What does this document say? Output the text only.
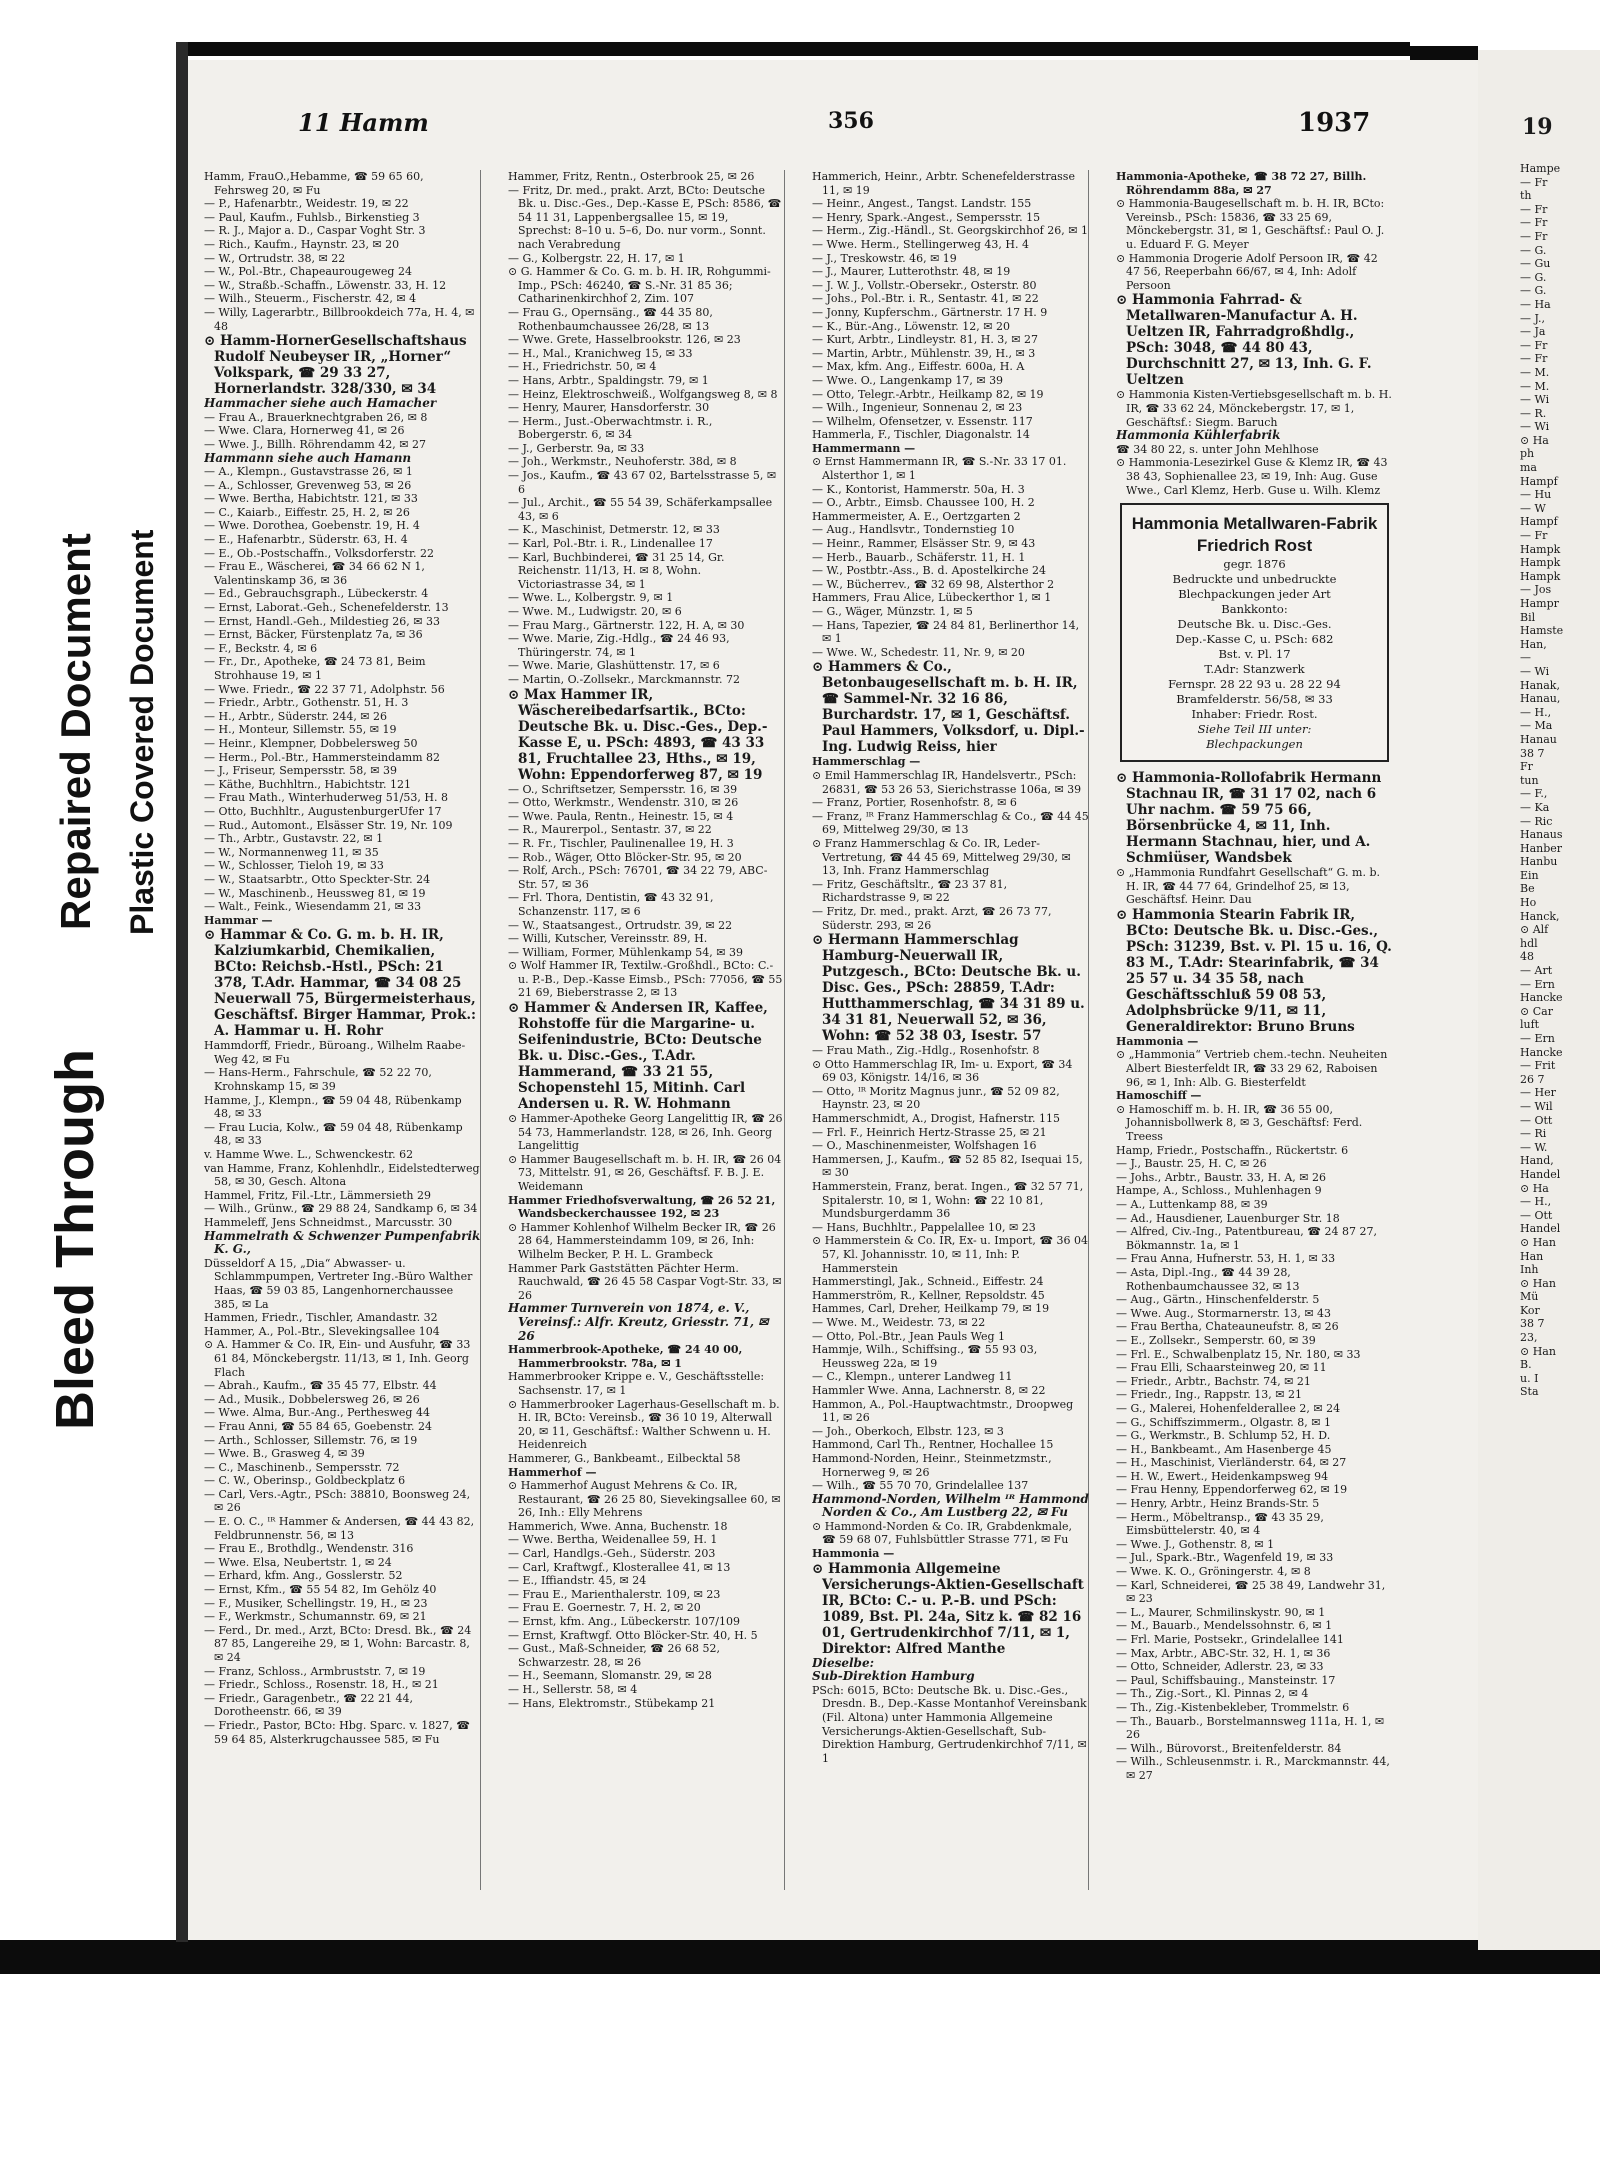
Bleed Through
Repaired Document Plastic Covered Document
11 Hamm	356	1937

Hamm, FrauO.,Hebamme, ☎ 59 65 60, Fehrsweg 20, ✉ Fu

— P., Hafenarbtr., Weidestr. 19, ✉ 22

— Paul, Kaufm., Fuhlsb., Birkenstieg 3

— R. J., Major a. D., Caspar Voght Str. 3

— Rich., Kaufm., Haynstr. 23, ✉ 20

— W., Ortrudstr. 38, ✉ 22

— W., Pol.-Btr., Chapeaurougeweg 24

— W., Straßb.-Schaffn., Löwenstr. 33, H. 12

— Wilh., Steuerm., Fischerstr. 42, ✉ 4

— Willy, Lagerarbtr., Billbrookdeich 77a, H. 4, ✉ 48

⊙ Hamm-HornerGesellschaftshaus Rudolf Neubeyser IR, „Horner“ Volkspark, ☎ 29 33 27, Hornerlandstr. 328/330, ✉ 34

Hammacher siehe auch Hamacher

— Frau A., Brauerknechtgraben 26, ✉ 8

— Wwe. Clara, Hornerweg 41, ✉ 26

— Wwe. J., Billh. Röhrendamm 42, ✉ 27

Hammann siehe auch Hamann

— A., Klempn., Gustavstrasse 26, ✉ 1

— A., Schlosser, Grevenweg 53, ✉ 26

— Wwe. Bertha, Habichtstr. 121, ✉ 33

— C., Kaiarb., Eiffestr. 25, H. 2, ✉ 26

— Wwe. Dorothea, Goebenstr. 19, H. 4

— E., Hafenarbtr., Süderstr. 63, H. 4

— E., Ob.-Postschaffn., Volksdorferstr. 22

— Frau E., Wäscherei, ☎ 34 66 62 N 1, Valentinskamp 36, ✉ 36

— Ed., Gebrauchsgraph., Lübeckerstr. 4

— Ernst, Laborat.-Geh., Schenefelderstr. 13

— Ernst, Handl.-Geh., Mildestieg 26, ✉ 33

— Ernst, Bäcker, Fürstenplatz 7a, ✉ 36

— F., Beckstr. 4, ✉ 6

— Fr., Dr., Apotheke, ☎ 24 73 81, Beim Strohhause 19, ✉ 1

— Wwe. Friedr., ☎ 22 37 71, Adolphstr. 56

— Friedr., Arbtr., Gothenstr. 51, H. 3

— H., Arbtr., Süderstr. 244, ✉ 26

— H., Monteur, Sillemstr. 55, ✉ 19

— Heinr., Klempner, Dobbelersweg 50

— Herm., Pol.-Btr., Hammersteindamm 82

— J., Friseur, Sempersstr. 58, ✉ 39

— Käthe, Buchhltrn., Habichtstr. 121

— Frau Math., Winterhuderweg 51/53, H. 8

— Otto, Buchhltr., AugustenburgerUfer 17

— Rud., Automont., Elsässer Str. 19, Nr. 109

— Th., Arbtr., Gustavstr. 22, ✉ 1

— W., Normannenweg 11, ✉ 35

— W., Schlosser, Tieloh 19, ✉ 33

— W., Staatsarbtr., Otto Speckter-Str. 24

— W., Maschinenb., Heussweg 81, ✉ 19

— Walt., Feink., Wiesendamm 21, ✉ 33

Hammar —

⊙ Hammar & Co. G. m. b. H. IR, Kalziumkarbid, Chemikalien, BCto: Reichsb.-Hstl., PSch: 21 378, T.Adr. Hammar, ☎ 34 08 25 Neuerwall 75, Bürgermeisterhaus, Geschäftsf. Birger Hammar, Prok.: A. Hammar u. H. Rohr

Hammdorff, Friedr., Büroang., Wilhelm Raabe-Weg 42, ✉ Fu

— Hans-Herm., Fahrschule, ☎ 52 22 70, Krohnskamp 15, ✉ 39

Hamme, J., Klempn., ☎ 59 04 48, Rübenkamp 48, ✉ 33

— Frau Lucia, Kolw., ☎ 59 04 48, Rübenkamp 48, ✉ 33

v. Hamme Wwe. L., Schwenckestr. 62

van Hamme, Franz, Kohlenhdlr., Eidelstedterweg 58, ✉ 30, Gesch. Altona

Hammel, Fritz, Fil.-Ltr., Lämmersieth 29

— Wilh., Grünw., ☎ 29 88 24, Sandkamp 6, ✉ 34

Hammeleff, Jens Schneidmst., Marcusstr. 30

Hammelrath & Schwenzer Pumpenfabrik K. G.,

Düsseldorf A 15, „Dia“ Abwasser- u. Schlammpumpen, Vertreter Ing.-Büro Walther Haas, ☎ 59 03 85, Langenhornerchaussee 385, ✉ La

Hammen, Friedr., Tischler, Amandastr. 32

Hammer, A., Pol.-Btr., Slevekingsallee 104

⊙ A. Hammer & Co. IR, Ein- und Ausfuhr, ☎ 33 61 84, Mönckebergstr. 11/13, ✉ 1, Inh. Georg Flach

— Abrah., Kaufm., ☎ 35 45 77, Elbstr. 44

— Ad., Musik., Dobbelersweg 26, ✉ 26

— Wwe. Alma, Bur.-Ang., Perthesweg 44

— Frau Anni, ☎ 55 84 65, Goebenstr. 24

— Arth., Schlosser, Sillemstr. 76, ✉ 19

— Wwe. B., Grasweg 4, ✉ 39

— C., Maschinenb., Sempersstr. 72

— C. W., Oberinsp., Goldbeckplatz 6

— Carl, Vers.-Agtr., PSch: 38810, Boonsweg 24, ✉ 26

— E. O. C., ᴵᴿ Hammer & Andersen, ☎ 44 43 82, Feldbrunnenstr. 56, ✉ 13

— Frau E., Brothdlg., Wendenstr. 316

— Wwe. Elsa, Neubertstr. 1, ✉ 24

— Erhard, kfm. Ang., Gosslerstr. 52

— Ernst, Kfm., ☎ 55 54 82, Im Gehölz 40

— F., Musiker, Schellingstr. 19, H., ✉ 23

— F., Werkmstr., Schumannstr. 69, ✉ 21

— Ferd., Dr. med., Arzt, BCto: Dresd. Bk., ☎ 24 87 85, Langereihe 29, ✉ 1, Wohn: Barcastr. 8, ✉ 24

— Franz, Schloss., Armbruststr. 7, ✉ 19

— Friedr., Schloss., Rosenstr. 18, H., ✉ 21

— Friedr., Garagenbetr., ☎ 22 21 44, Dorotheenstr. 66, ✉ 39

— Friedr., Pastor, BCto: Hbg. Sparc. v. 1827, ☎ 59 64 85, Alsterkrugchaussee 585, ✉ Fu

Hammer, Fritz, Rentn., Osterbrook 25, ✉ 26

— Fritz, Dr. med., prakt. Arzt, BCto: Deutsche Bk. u. Disc.-Ges., Dep.-Kasse E, PSch: 8586, ☎ 54 11 31, Lappenbergsallee 15, ✉ 19, Sprechst: 8–10 u. 5–6, Do. nur vorm., Sonnt. nach Verabredung

— G., Kolbergstr. 22, H. 17, ✉ 1

⊙ G. Hammer & Co. G. m. b. H. IR, Rohgummi-Imp., PSch: 46240, ☎ S.-Nr. 31 85 36; Catharinenkirchhof 2, Zim. 107

— Frau G., Opernsäng., ☎ 44 35 80, Rothenbaumchaussee 26/28, ✉ 13

— Wwe. Grete, Hasselbrookstr. 126, ✉ 23

— H., Mal., Kranichweg 15, ✉ 33

— H., Friedrichstr. 50, ✉ 4

— Hans, Arbtr., Spaldingstr. 79, ✉ 1

— Heinz, Elektroschweiß., Wolfgangsweg 8, ✉ 8

— Henry, Maurer, Hansdorferstr. 30

— Herm., Just.-Oberwachtmstr. i. R., Bobergerstr. 6, ✉ 34

— J., Gerberstr. 9a, ✉ 33

— Joh., Werkmstr., Neuhoferstr. 38d, ✉ 8

— Jos., Kaufm., ☎ 43 67 02, Bartelsstrasse 5, ✉ 6

— Jul., Archit., ☎ 55 54 39, Schäferkampsallee 43, ✉ 6

— K., Maschinist, Detmerstr. 12, ✉ 33

— Karl, Pol.-Btr. i. R., Lindenallee 17

— Karl, Buchbinderei, ☎ 31 25 14, Gr. Reichenstr. 11/13, H. ✉ 8, Wohn. Victoriastrasse 34, ✉ 1

— Wwe. L., Kolbergstr. 9, ✉ 1

— Wwe. M., Ludwigstr. 20, ✉ 6

— Frau Marg., Gärtnerstr. 122, H. A, ✉ 30

— Wwe. Marie, Zig.-Hdlg., ☎ 24 46 93, Thüringerstr. 74, ✉ 1

— Wwe. Marie, Glashüttenstr. 17, ✉ 6

— Martin, O.-Zollsekr., Marckmannstr. 72

⊙ Max Hammer IR, Wäschereibedarfsartik., BCto: Deutsche Bk. u. Disc.-Ges., Dep.-Kasse E, u. PSch: 4893, ☎ 43 33 81, Fruchtallee 23, Hths., ✉ 19, Wohn: Eppendorferweg 87, ✉ 19

— O., Schriftsetzer, Sempersstr. 16, ✉ 39

— Otto, Werkmstr., Wendenstr. 310, ✉ 26

— Wwe. Paula, Rentn., Heinestr. 15, ✉ 4

— R., Maurerpol., Sentastr. 37, ✉ 22

— R. Fr., Tischler, Paulinenallee 19, H. 3

— Rob., Wäger, Otto Blöcker-Str. 95, ✉ 20

— Rolf, Arch., PSch: 76701, ☎ 34 22 79, ABC-Str. 57, ✉ 36

— Frl. Thora, Dentistin, ☎ 43 32 91, Schanzenstr. 117, ✉ 6

— W., Staatsangest., Ortrudstr. 39, ✉ 22

— Willi, Kutscher, Vereinsstr. 89, H.

— William, Former, Mühlenkamp 54, ✉ 39

⊙ Wolf Hammer IR, Textilw.-Großhdl., BCto: C.- u. P.-B., Dep.-Kasse Eimsb., PSch: 77056, ☎ 55 21 69, Bieberstrasse 2, ✉ 13

⊙ Hammer & Andersen IR, Kaffee, Rohstoffe für die Margarine- u. Seifenindustrie, BCto: Deutsche Bk. u. Disc.-Ges., T.Adr. Hammerand, ☎ 33 21 55, Schopenstehl 15, Mitinh. Carl Andersen u. R. W. Hohmann

⊙ Hammer-Apotheke Georg Langelittig IR, ☎ 26 54 73, Hammerlandstr. 128, ✉ 26, Inh. Georg Langelittig

⊙ Hammer Baugesellschaft m. b. H. IR, ☎ 26 04 73, Mittelstr. 91, ✉ 26, Geschäftsf. F. B. J. E. Weidemann

Hammer Friedhofsverwaltung, ☎ 26 52 21, Wandsbeckerchaussee 192, ✉ 23

⊙ Hammer Kohlenhof Wilhelm Becker IR, ☎ 26 28 64, Hammersteindamm 109, ✉ 26, Inh: Wilhelm Becker, P. H. L. Grambeck

Hammer Park Gaststätten Pächter Herm. Rauchwald, ☎ 26 45 58 Caspar Vogt-Str. 33, ✉ 26

Hammer Turnverein von 1874, e. V., Vereinsf.: Alfr. Kreutz, Griesstr. 71, ✉ 26

Hammerbrook-Apotheke, ☎ 24 40 00, Hammerbrookstr. 78a, ✉ 1

Hammerbrooker Krippe e. V., Geschäftsstelle: Sachsenstr. 17, ✉ 1

⊙ Hammerbrooker Lagerhaus-Gesellschaft m. b. H. IR, BCto: Vereinsb., ☎ 36 10 19, Alterwall 20, ✉ 11, Geschäftsf.: Walther Schwenn u. H. Heidenreich

Hammerer, G., Bankbeamt., Eilbecktal 58

Hammerhof —

⊙ Hammerhof August Mehrens & Co. IR, Restaurant, ☎ 26 25 80, Sievekingsallee 60, ✉ 26, Inh.: Elly Mehrens

Hammerich, Wwe. Anna, Buchenstr. 18

— Wwe. Bertha, Weidenallee 59, H. 1

— Carl, Handlgs.-Geh., Süderstr. 203

— Carl, Kraftwgf., Klosterallee 41, ✉ 13

— E., Iffiandstr. 45, ✉ 24

— Frau E., Marienthalerstr. 109, ✉ 23

— Frau E. Goernestr. 7, H. 2, ✉ 20

— Ernst, kfm. Ang., Lübeckerstr. 107/109

— Ernst, Kraftwgf. Otto Blöcker-Str. 40, H. 5

— Gust., Maß-Schneider, ☎ 26 68 52, Schwarzestr. 28, ✉ 26

— H., Seemann, Slomanstr. 29, ✉ 28

— H., Sellerstr. 58, ✉ 4

— Hans, Elektromstr., Stübekamp 21

Hammerich, Heinr., Arbtr. Schenefelderstrasse 11, ✉ 19

— Heinr., Angest., Tangst. Landstr. 155

— Henry, Spark.-Angest., Sempersstr. 15

— Herm., Zig.-Händl., St. Georgskirchhof 26, ✉ 1

— Wwe. Herm., Stellingerweg 43, H. 4

— J., Treskowstr. 46, ✉ 19

— J., Maurer, Lutterothstr. 48, ✉ 19

— J. W. J., Vollstr.-Obersekr., Osterstr. 80

— Johs., Pol.-Btr. i. R., Sentastr. 41, ✉ 22

— Jonny, Kupferschm., Gärtnerstr. 17 H. 9

— K., Bür.-Ang., Löwenstr. 12, ✉ 20

— Kurt, Arbtr., Lindleystr. 81, H. 3, ✉ 27

— Martin, Arbtr., Mühlenstr. 39, H., ✉ 3

— Max, kfm. Ang., Eiffestr. 600a, H. A

— Wwe. O., Langenkamp 17, ✉ 39

— Otto, Telegr.-Arbtr., Heilkamp 82, ✉ 19

— Wilh., Ingenieur, Sonnenau 2, ✉ 23

— Wilhelm, Ofensetzer, v. Essenstr. 117

Hammerla, F., Tischler, Diagonalstr. 14

Hammermann —

⊙ Ernst Hammermann IR, ☎ S.-Nr. 33 17 01. Alsterthor 1, ✉ 1

— K., Kontorist, Hammerstr. 50a, H. 3

— O., Arbtr., Eimsb. Chaussee 100, H. 2

Hammermeister, A. E., Oertzgarten 2

— Aug., Handlsvtr., Tondernstieg 10

— Heinr., Rammer, Elsässer Str. 9, ✉ 43

— Herb., Bauarb., Schäferstr. 11, H. 1

— W., Postbtr.-Ass., B. d. Apostelkirche 24

— W., Bücherrev., ☎ 32 69 98, Alsterthor 2

Hammers, Frau Alice, Lübeckerthor 1, ✉ 1

— G., Wäger, Münzstr. 1, ✉ 5

— Hans, Tapezier, ☎ 24 84 81, Berlinerthor 14, ✉ 1

— Wwe. W., Schedestr. 11, Nr. 9, ✉ 20

⊙ Hammers & Co., Betonbaugesellschaft m. b. H. IR, ☎ Sammel-Nr. 32 16 86, Burchardstr. 17, ✉ 1, Geschäftsf. Paul Hammers, Volksdorf, u. Dipl.-Ing. Ludwig Reiss, hier

Hammerschlag —

⊙ Emil Hammerschlag IR, Handelsvertr., PSch: 26831, ☎ 53 26 53, Sierichstrasse 106a, ✉ 39

— Franz, Portier, Rosenhofstr. 8, ✉ 6

— Franz, ᴵᴿ Franz Hammerschlag & Co., ☎ 44 45 69, Mittelweg 29/30, ✉ 13

⊙ Franz Hammerschlag & Co. IR, Leder- Vertretung, ☎ 44 45 69, Mittelweg 29/30, ✉ 13, Inh. Franz Hammerschlag

— Fritz, Geschäftsltr., ☎ 23 37 81, Richardstrasse 9, ✉ 22

— Fritz, Dr. med., prakt. Arzt, ☎ 26 73 77, Süderstr. 293, ✉ 26

⊙ Hermann Hammerschlag Hamburg-Neuerwall IR, Putzgesch., BCto: Deutsche Bk. u. Disc. Ges., PSch: 28859, T.Adr: Hutthammerschlag, ☎ 34 31 89 u. 34 31 81, Neuerwall 52, ✉ 36, Wohn: ☎ 52 38 03, Isestr. 57

— Frau Math., Zig.-Hdlg., Rosenhofstr. 8

⊙ Otto Hammerschlag IR, Im- u. Export, ☎ 34 69 03, Königstr. 14/16, ✉ 36

— Otto, ᴵᴿ Moritz Magnus junr., ☎ 52 09 82, Haynstr. 23, ✉ 20

Hammerschmidt, A., Drogist, Hafnerstr. 115

— Frl. F., Heinrich Hertz-Strasse 25, ✉ 21

— O., Maschinenmeister, Wolfshagen 16

Hammersen, J., Kaufm., ☎ 52 85 82, Isequai 15, ✉ 30

Hammerstein, Franz, berat. Ingen., ☎ 32 57 71, Spitalerstr. 10, ✉ 1, Wohn: ☎ 22 10 81, Mundsburgerdamm 36

— Hans, Buchhltr., Pappelallee 10, ✉ 23

⊙ Hammerstein & Co. IR, Ex- u. Import, ☎ 36 04 57, Kl. Johannisstr. 10, ✉ 11, Inh: P. Hammerstein

Hammerstingl, Jak., Schneid., Eiffestr. 24

Hammerström, R., Kellner, Repsoldstr. 45

Hammes, Carl, Dreher, Heilkamp 79, ✉ 19

— Wwe. M., Weidestr. 73, ✉ 22

— Otto, Pol.-Btr., Jean Pauls Weg 1

Hammje, Wilh., Schiffsing., ☎ 55 93 03, Heussweg 22a, ✉ 19

— C., Klempn., unterer Landweg 11

Hammler Wwe. Anna, Lachnerstr. 8, ✉ 22

Hammon, A., Pol.-Hauptwachtmstr., Droopweg 11, ✉ 26

— Joh., Oberkoch, Elbstr. 123, ✉ 3

Hammond, Carl Th., Rentner, Hochallee 15

Hammond-Norden, Heinr., Steinmetzmstr., Hornerweg 9, ✉ 26

— Wilh., ☎ 55 70 70, Grindelallee 137

Hammond-Norden, Wilhelm ᴵᴿ Hammond Norden & Co., Am Lustberg 22, ✉ Fu

⊙ Hammond-Norden & Co. IR, Grabdenkmale, ☎ 59 68 07, Fuhlsbüttler Strasse 771, ✉ Fu

Hammonia —

⊙ Hammonia Allgemeine Versicherungs-Aktien-Gesellschaft IR, BCto: C.- u. P.-B. und PSch: 1089, Bst. Pl. 24a, Sitz k. ☎ 82 16 01, Gertrudenkirchhof 7/11, ✉ 1, Direktor: Alfred Manthe

Dieselbe:

Sub-Direktion Hamburg

PSch: 6015, BCto: Deutsche Bk. u. Disc.-Ges., Dresdn. B., Dep.-Kasse Montanhof Vereinsbank (Fil. Altona) unter Hammonia Allgemeine Versicherungs-Aktien-Gesellschaft, Sub-Direktion Hamburg, Gertrudenkirchhof 7/11, ✉ 1

Hammonia-Apotheke, ☎ 38 72 27, Billh. Röhrendamm 88a, ✉ 27

⊙ Hammonia-Baugesellschaft m. b. H. IR, BCto: Vereinsb., PSch: 15836, ☎ 33 25 69, Mönckebergstr. 31, ✉ 1, Geschäftsf.: Paul O. J. u. Eduard F. G. Meyer

⊙ Hammonia Drogerie Adolf Persoon IR, ☎ 42 47 56, Reeperbahn 66/67, ✉ 4, Inh: Adolf Persoon

⊙ Hammonia Fahrrad- & Metallwaren-Manufactur A. H. Ueltzen IR, Fahrradgroßhdlg., PSch: 3048, ☎ 44 80 43, Durchschnitt 27, ✉ 13, Inh. G. F. Ueltzen

⊙ Hammonia Kisten-Vertiebsgesellschaft m. b. H. IR, ☎ 33 62 24, Mönckebergstr. 17, ✉ 1, Geschäftsf.: Siegm. Baruch

Hammonia Kühlerfabrik

☎ 34 80 22, s. unter John Mehlhose

⊙ Hammonia-Lesezirkel Guse & Klemz IR, ☎ 43 38 43, Sophienallee 23, ✉ 19, Inh: Aug. Guse Wwe., Carl Klemz, Herb. Guse u. Wilh. Klemz

Hammonia Metallwaren-Fabrik Friedrich Rost
gegr. 1876
Bedruckte und unbedruckte
Blechpackungen jeder Art
Bankkonto:
Deutsche Bk. u. Disc.-Ges.
Dep.-Kasse C, u. PSch: 682
Bst. v. Pl. 17
T.Adr: Stanzwerk
Fernspr. 28 22 93 u. 28 22 94
Bramfelderstr. 56/58, ✉ 33
Inhaber: Friedr. Rost.
Siehe Teil III unter:
Blechpackungen

⊙ Hammonia-Rollofabrik Hermann Stachnau IR, ☎ 31 17 02, nach 6 Uhr nachm. ☎ 59 75 66, Börsenbrücke 4, ✉ 11, Inh. Hermann Stachnau, hier, und A. Schmiüser, Wandsbek

⊙ „Hammonia Rundfahrt Gesellschaft“ G. m. b. H. IR, ☎ 44 77 64, Grindelhof 25, ✉ 13, Geschäftsf. Heinr. Dau

⊙ Hammonia Stearin Fabrik IR, BCto: Deutsche Bk. u. Disc.-Ges., PSch: 31239, Bst. v. Pl. 15 u. 16, Q. 83 M., T.Adr: Stearinfabrik, ☎ 34 25 57 u. 34 35 58, nach Geschäftsschluß 59 08 53, Adolphsbrücke 9/11, ✉ 11, Generaldirektor: Bruno Bruns

Hammonia —

⊙ „Hammonia“ Vertrieb chem.-techn. Neuheiten Albert Biesterfeldt IR, ☎ 33 29 62, Raboisen 96, ✉ 1, Inh: Alb. G. Biesterfeldt

Hamoschiff —

⊙ Hamoschiff m. b. H. IR, ☎ 36 55 00, Johannisbollwerk 8, ✉ 3, Geschäftsf: Ferd. Treess

Hamp, Friedr., Postschaffn., Rückertstr. 6

— J., Baustr. 25, H. C, ✉ 26

— Johs., Arbtr., Baustr. 33, H. A, ✉ 26

Hampe, A., Schloss., Muhlenhagen 9

— A., Luttenkamp 88, ✉ 39

— Ad., Hausdiener, Lauenburger Str. 18

— Alfred, Civ.-Ing., Patentbureau, ☎ 24 87 27, Bökmannstr. 1a, ✉ 1

— Frau Anna, Hufnerstr. 53, H. 1, ✉ 33

— Asta, Dipl.-Ing., ☎ 44 39 28, Rothenbaumchaussee 32, ✉ 13

— Aug., Gärtn., Hinschenfelderstr. 5

— Wwe. Aug., Stormarnerstr. 13, ✉ 43

— Frau Bertha, Chateauneufstr. 8, ✉ 26

— E., Zollsekr., Semperstr. 60, ✉ 39

— Frl. E., Schwalbenplatz 15, Nr. 180, ✉ 33

— Frau Elli, Schaarsteinweg 20, ✉ 11

— Friedr., Arbtr., Bachstr. 74, ✉ 21

— Friedr., Ing., Rappstr. 13, ✉ 21

— G., Malerei, Hohenfelderallee 2, ✉ 24

— G., Schiffszimmerm., Olgastr. 8, ✉ 1

— G., Werkmstr., B. Schlump 52, H. D.

— H., Bankbeamt., Am Hasenberge 45

— H., Maschinist, Vierländerstr. 64, ✉ 27

— H. W., Ewert., Heidenkampsweg 94

— Frau Henny, Eppendorferweg 62, ✉ 19

— Henry, Arbtr., Heinz Brands-Str. 5

— Herm., Möbeltransp., ☎ 43 35 29, Eimsbüttelerstr. 40, ✉ 4

— Wwe. J., Gothenstr. 8, ✉ 1

— Jul., Spark.-Btr., Wagenfeld 19, ✉ 33

— Wwe. K. O., Gröningerstr. 4, ✉ 8

— Karl, Schneiderei, ☎ 25 38 49, Landwehr 31, ✉ 23

— L., Maurer, Schmilinskystr. 90, ✉ 1

— M., Bauarb., Mendelssohnstr. 6, ✉ 1

— Frl. Marie, Postsekr., Grindelallee 141

— Max, Arbtr., ABC-Str. 32, H. 1, ✉ 36

— Otto, Schneider, Adlerstr. 23, ✉ 33

— Paul, Schiffsbauing., Mansteinstr. 17

— Th., Zig.-Sort., Kl. Pinnas 2, ✉ 4

— Th., Zig.-Kistenbekleber, Trommelstr. 6

— Th., Bauarb., Borstelmannsweg 111a, H. 1, ✉ 26

— Wilh., Bürovorst., Breitenfelderstr. 84

— Wilh., Schleusenmstr. i. R., Marckmannstr. 44, ✉ 27

19
Hampe
— Fr
th
— Fr
— Fr
— Fr
— G.
— Gu
— G.
— G.
— Ha
— J.,
— Ja
— Fr
— Fr
— M.
— M.
— Wi
— R.
— Wi
⊙ Ha
ph
ma
Hampf
— Hu
— W
Hampf
— Fr
Hampk
Hampk
Hampk
— Jos
Hampr
Bil
Hamste
Han,
—
— Wi
Hanak,
Hanau,
— H.,
— Ma
Hanau
38 7
Fr
tun
— F.,
— Ka
— Ric
Hanaus
Hanber
Hanbu
Ein
Be
Ho
Hanck,
⊙ Alf
hdl
48
— Art
— Ern
Hancke
⊙ Car
luft
— Ern
Hancke
— Frit
26 7
— Her
— Wil
— Ott
— Ri
— W.
Hand,
Handel
⊙ Ha
— H.,
— Ott
Handel
⊙ Han
Han
Inh
⊙ Han
Mü
Kor
38 7
23,
⊙ Han
B.
u. I
Sta
